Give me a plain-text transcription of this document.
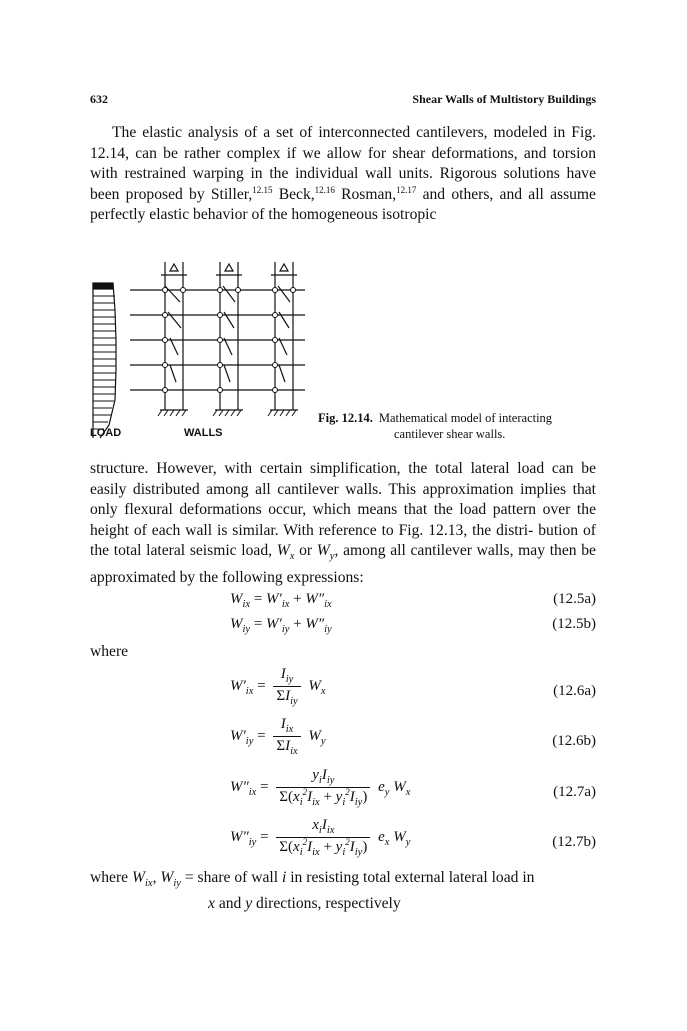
632	Shear Walls of Multistory Buildings

The elastic analysis of a set of interconnected cantilevers, modeled in Fig. 12.14, can be rather complex if we allow for shear deformations, and torsion with restrained warping in the individual wall units. Rigorous solutions have been proposed by Stiller,$^{12.15}$ Beck,$^{12.16}$ Rosman,$^{12.17}$ and others, and all assume perfectly elastic behavior of the homogeneous isotropic

LOAD	WALLS
Fig. 12.14. Mathematical model of interacting
cantilever shear walls.

structure. However, with certain simplification, the total lateral load can be easily distributed among all cantilever walls. This approximation implies that only flexural deformations occur, which means that the load pattern over the height of each wall is similar. With reference to Fig. 12.13, the distri- bution of the total lateral seismic load, $W_x$ or $W_y$, among all cantilever walls, may then be approximated by the following expressions:

$W_{ix} = W'_{ix} + W''_{ix}$	(12.5a)
$W_{iy} = W'_{iy} + W''_{iy}$	(12.5b)
where
$W'_{ix} = \frac{I_{iy}}{\Sigma I_{iy}} W_x$	(12.6a)
$W'_{iy} = \frac{I_{ix}}{\Sigma I_{ix}} W_y$	(12.6b)
$W''_{ix} = \frac{y_iI_{iy}}{\Sigma(x_i^2I_{ix} + y_i^2I_{iy})} e_y$ $W_x$	(12.7a)
$W''_{iy} = \frac{x_iI_{ix}}{\Sigma(x_i^2I_{ix} + y_i^2I_{iy})} e_x$ $W_y$	(12.7b)
where $W_{ix}$, $W_{iy}$ = share of wall i in resisting total external lateral load in
x and y directions, respectively
